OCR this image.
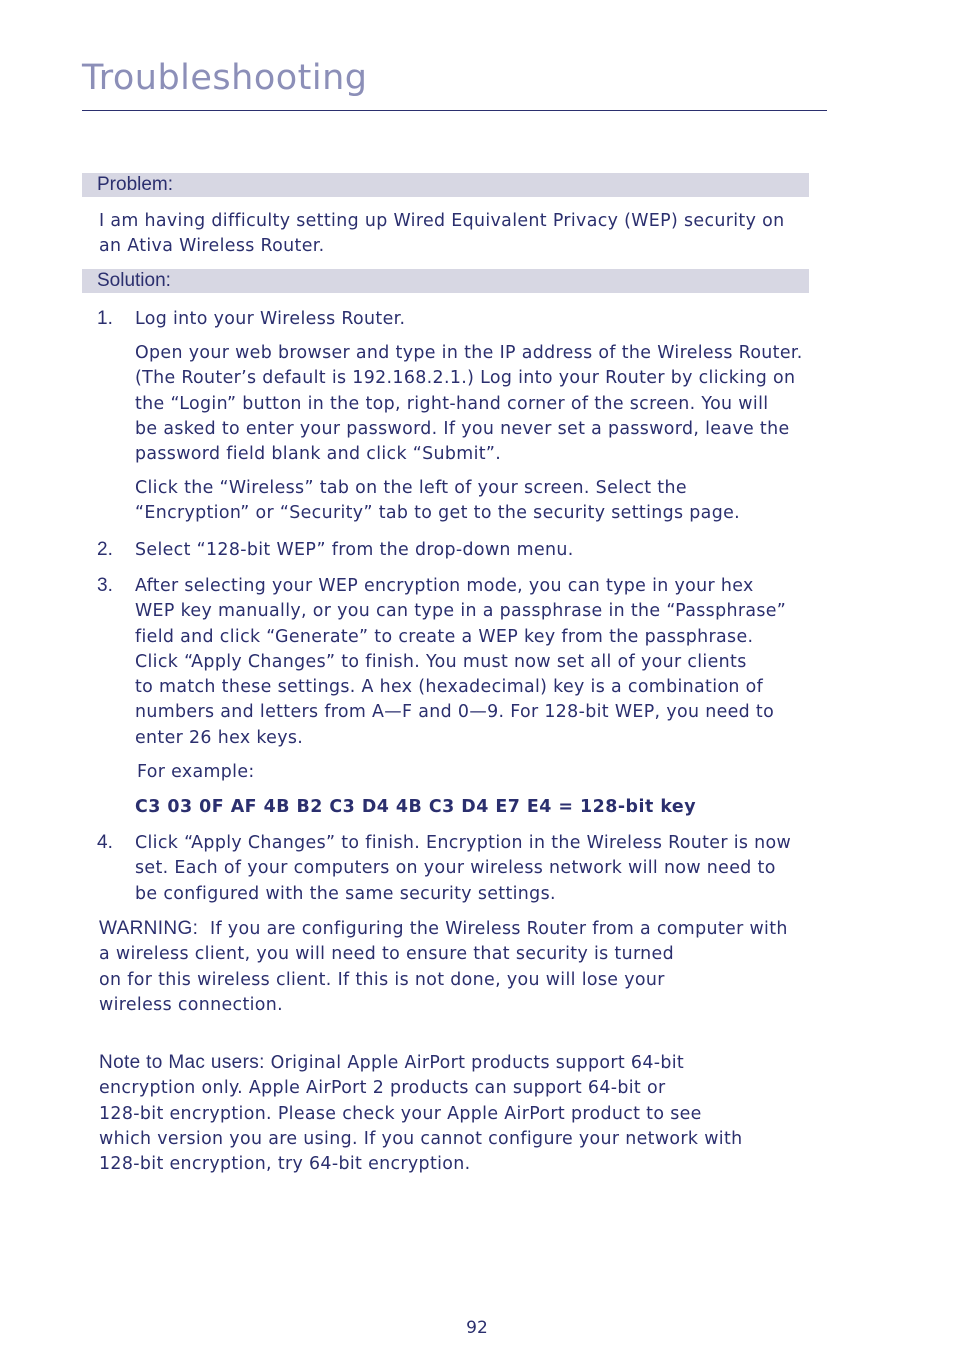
Troubleshooting
Problem:
I am having difficulty setting up Wired Equivalent Privacy (WEP) security on
an Ativa Wireless Router.
Solution:
1. Log into your Wireless Router.
Open your web browser and type in the IP address of the Wireless Router.
(The Router’s default is 192.168.2.1.) Log into your Router by clicking on
the “Login” button in the top, right-hand corner of the screen. You will
be asked to enter your password. If you never set a password, leave the
password field blank and click “Submit”.
Click the “Wireless” tab on the left of your screen. Select the
“Encryption” or “Security” tab to get to the security settings page.
2. Select “128-bit WEP” from the drop-down menu.
3. After selecting your WEP encryption mode, you can type in your hex
WEP key manually, or you can type in a passphrase in the “Passphrase”
field and click “Generate” to create a WEP key from the passphrase.
Click “Apply Changes” to finish. You must now set all of your clients
to match these settings. A hex (hexadecimal) key is a combination of
numbers and letters from A—F and 0—9. For 128-bit WEP, you need to
enter 26 hex keys.
For example:
C3 03 0F AF 4B B2 C3 D4 4B C3 D4 E7 E4 = 128-bit key
4. Click “Apply Changes” to finish. Encryption in the Wireless Router is now
set. Each of your computers on your wireless network will now need to
be configured with the same security settings.
WARNING: If you are configuring the Wireless Router from a computer with
a wireless client, you will need to ensure that security is turned
on for this wireless client. If this is not done, you will lose your
wireless connection.
Note to Mac users: Original Apple AirPort products support 64-bit
encryption only. Apple AirPort 2 products can support 64-bit or
128-bit encryption. Please check your Apple AirPort product to see
which version you are using. If you cannot configure your network with
128-bit encryption, try 64-bit encryption.
92
